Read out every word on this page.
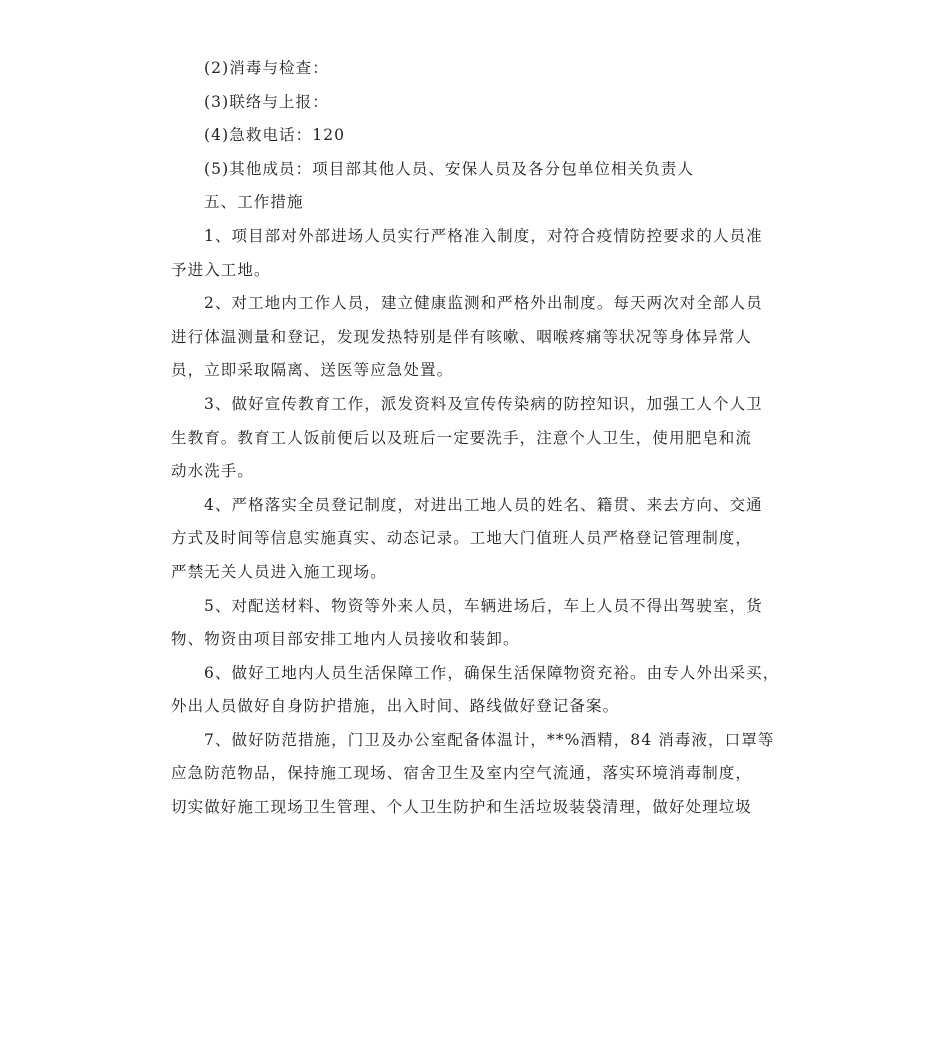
(2)消毒与检查：
(3)联络与上报：
(4)急救电话：120
(5)其他成员：项目部其他人员、安保人员及各分包单位相关负责人
五、工作措施
1、项目部对外部进场人员实行严格准入制度，对符合疫情防控要求的人员准
予进入工地。
2、对工地内工作人员，建立健康监测和严格外出制度。每天两次对全部人员
进行体温测量和登记，发现发热特别是伴有咳嗽、咽喉疼痛等状况等身体异常人
员，立即采取隔离、送医等应急处置。
3、做好宣传教育工作，派发资料及宣传传染病的防控知识，加强工人个人卫
生教育。教育工人饭前便后以及班后一定要洗手，注意个人卫生，使用肥皂和流
动水洗手。
4、严格落实全员登记制度，对进出工地人员的姓名、籍贯、来去方向、交通
方式及时间等信息实施真实、动态记录。工地大门值班人员严格登记管理制度，
严禁无关人员进入施工现场。
5、对配送材料、物资等外来人员，车辆进场后，车上人员不得出驾驶室，货
物、物资由项目部安排工地内人员接收和装卸。
6、做好工地内人员生活保障工作，确保生活保障物资充裕。由专人外出采买，
外出人员做好自身防护措施，出入时间、路线做好登记备案。
7、做好防范措施，门卫及办公室配备体温计，**%酒精，84 消毒液，口罩等
应急防范物品，保持施工现场、宿舍卫生及室内空气流通，落实环境消毒制度，
切实做好施工现场卫生管理、个人卫生防护和生活垃圾装袋清理，做好处理垃圾
